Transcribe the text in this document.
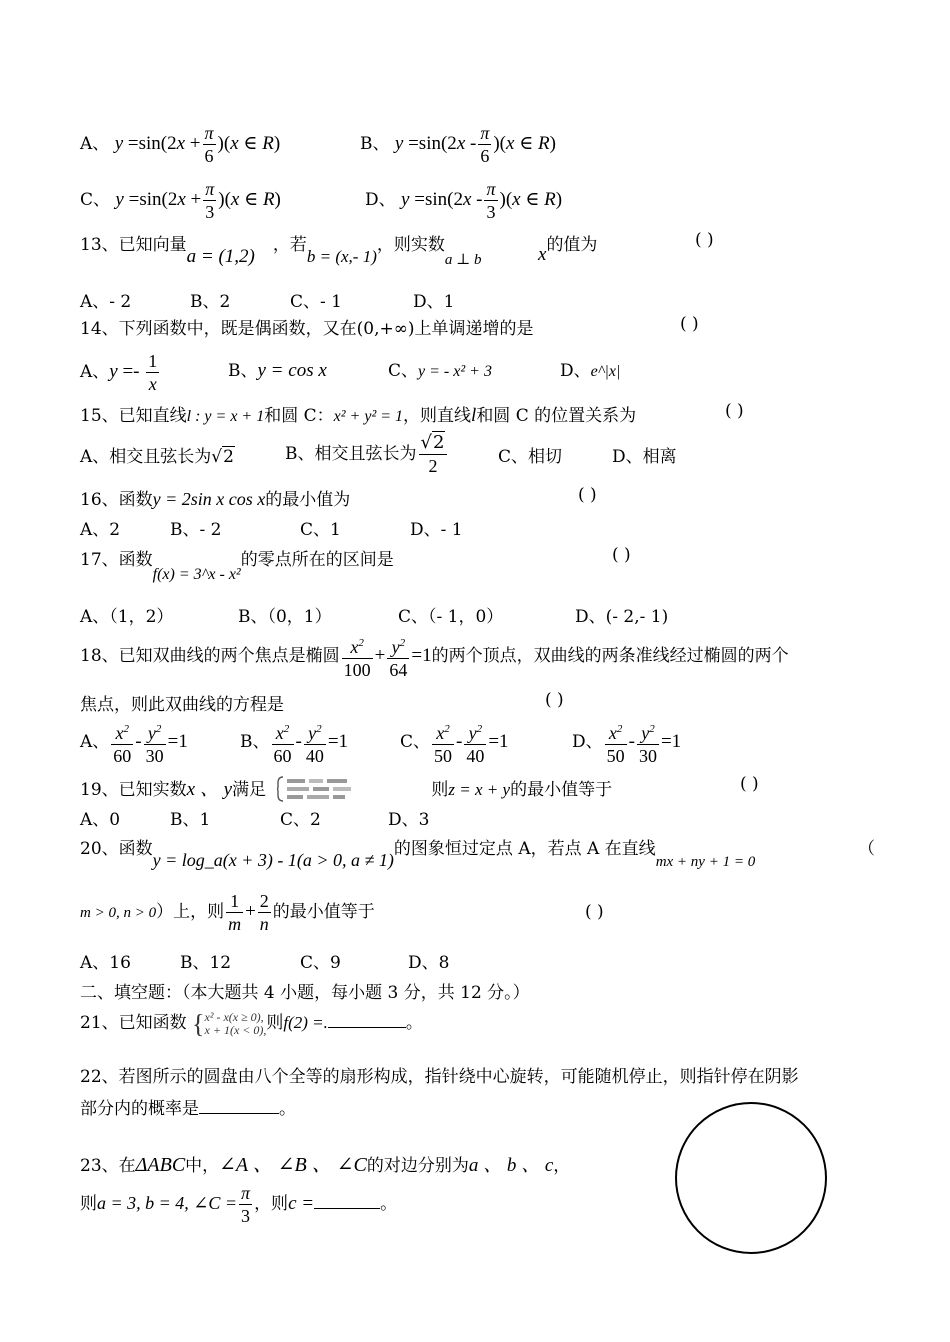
A、 $y =\sin(2x + \frac{\pi}{6} )(x$ ∈ R)	B、 $y =\sin(2x - \frac{\pi}{6} )(x$ ∈ R)
C、 $y =\sin(2x + \frac{\pi}{3} )(x$ ∈ R)	D、 $y =\sin(2x - \frac{\pi}{3} )(x$ ∈ R)
13、已知向量a = (1,2)，若b = (x,- 1)，则实数a ⊥ b	x的值为	( )
A、- 2	B、2	C、- 1	D、1
14、下列函数中，既是偶函数，又在(0,+∞)上单调递增的是	( )
A、$y =- \frac{1}{x}$	B、y = cos x	C、y = - x² + 3	D、e^|x|
15、已知直线l : y = x + 1和圆 C：x² + y² = 1，则直线l和圆 C 的位置关系为	( )
A、相交且弦长为√2	B、相交且弦长为 $\frac{√2}{2}$	C、相切	D、相离
16、函数y = 2sin x cos x的最小值为	( )
A、2	B、- 2	C、1	D、- 1
17、函数f(x) = 3^x - x²的零点所在的区间是	( )
A、（1，2）	B、（0，1）	C、（- 1，0）	D、(- 2,- 1)
18、已知双曲线的两个焦点是椭圆 $\frac{x^2}{100} + \frac{y^2}{64} =1$的两个顶点，双曲线的两条准线经过椭圆的两个
焦点，则此双曲线的方程是	( )
A、 $\frac{x^2}{60} - \frac{y^2}{30} =1$	B、 $\frac{x^2}{60} - \frac{y^2}{40} =1$	C、 $\frac{x^2}{50} - \frac{y^2}{40} =1$	D、 $\frac{x^2}{50} - \frac{y^2}{30} =1$
19、已知实数x 、 y满足	则z = x + y的最小值等于	( )
A、0	B、1	C、2	D、3
20、函数y = log_a(x + 3) - 1(a > 0, a ≠ 1)的图象恒过定点 A，若点 A 在直线mx + ny + 1 = 0
（
m > 0, n > 0）上，则 $\frac{1}{m} + \frac{2}{n}$ 的最小值等于	( )
A、16	B、12	C、9	D、8
二、填空题：（本大题共 4 小题，每小题 3 分，共 12 分。）
21、已知函数 { x² - x(x ≥ 0),
x + 1(x < 0), 则f(2) =.	。
22、若图所示的圆盘由八个全等的扇形构成，指针绕中心旋转，可能随机停止，则指针停在阴影
部分内的概率是	。
23、在ΔABC中，∠A 、 ∠B 、 ∠C的对边分别为a 、 b 、 c，
则a = 3, b = 4, ∠C = $\frac{\pi}{3}$ ，则c =	。
